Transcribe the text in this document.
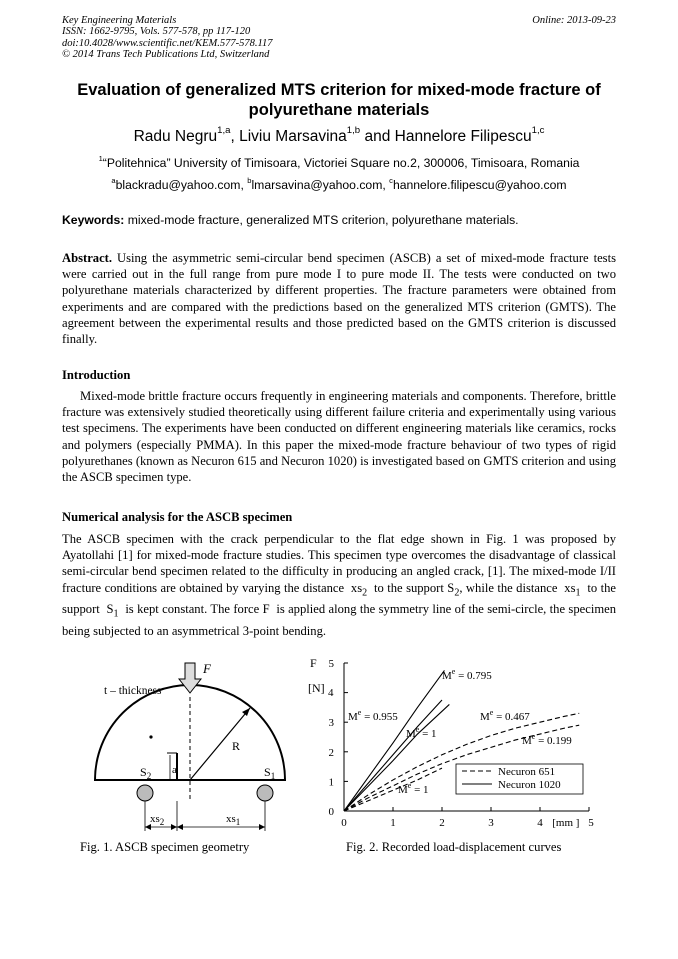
Key Engineering Materials
ISSN: 1662-9795, Vols. 577-578, pp 117-120
doi:10.4028/www.scientific.net/KEM.577-578.117
© 2014 Trans Tech Publications Ltd, Switzerland
Online: 2013-09-23
Evaluation of generalized MTS criterion for mixed-mode fracture of polyurethane materials
Radu Negru$^{1,a}$, Liviu Marsavina$^{1,b}$ and Hannelore Filipescu$^{1,c}$
$^1$“Politehnica” University of Timisoara, Victoriei Square no.2, 300006, Timisoara, Romania
$^a$blackradu@yahoo.com, $^b$lmarsavina@yahoo.com, $^c$hannelore.filipescu@yahoo.com
Keywords: mixed-mode fracture, generalized MTS criterion, polyurethane materials.
Abstract. Using the asymmetric semi-circular bend specimen (ASCB) a set of mixed-mode fracture tests were carried out in the full range from pure mode I to pure mode II. The tests were conducted on two polyurethane materials characterized by different properties. The fracture parameters were obtained from experiments and are compared with the predictions based on the generalized MTS criterion (GMTS). The agreement between the experimental results and those predicted based on the GMTS criterion is discussed finally.
Introduction
Mixed-mode brittle fracture occurs frequently in engineering materials and components. Therefore, brittle fracture was extensively studied theoretically using different failure criteria and experimentally using various test specimens. The experiments have been conducted on different engineering materials like ceramics, rocks and polymers (especially PMMA). In this paper the mixed-mode fracture behaviour of two types of rigid polyurethanes (known as Necuron 615 and Necuron 1020) is investigated based on GMTS criterion and using the ASCB specimen type.
Numerical analysis for the ASCB specimen
The ASCB specimen with the crack perpendicular to the flat edge shown in Fig. 1 was proposed by Ayatollahi [1] for mixed-mode fracture studies. This specimen type overcomes the disadvantage of classical semi-circular bend specimen related to the difficulty in producing an angled crack, [1]. The mixed-mode I/II fracture conditions are obtained by varying the distance $xs_2$ to the support $S_2$, while the distance $xs_1$ to the support $S_1$ is kept constant. The force F is applied along the symmetry line of the semi-circle, the specimen being subjected to an asymmetrical 3-point bending.
F
t – thickness
a
R
$S_2$	$S_1$
$xs_2$	$xs_1$
Fig. 1. ASCB specimen geometry
0	1	2	3	4	5
0
1
2
3
5
F
[N] 4
[mm ]
$M^e = 0.795$
$M^e = 0.955$
$M^e = 1$
$M^e = 0.467$
$M^e = 0.199$
$M^e = 1$
Necuron 651
Necuron 1020
Fig. 2. Recorded load-displacement curves
